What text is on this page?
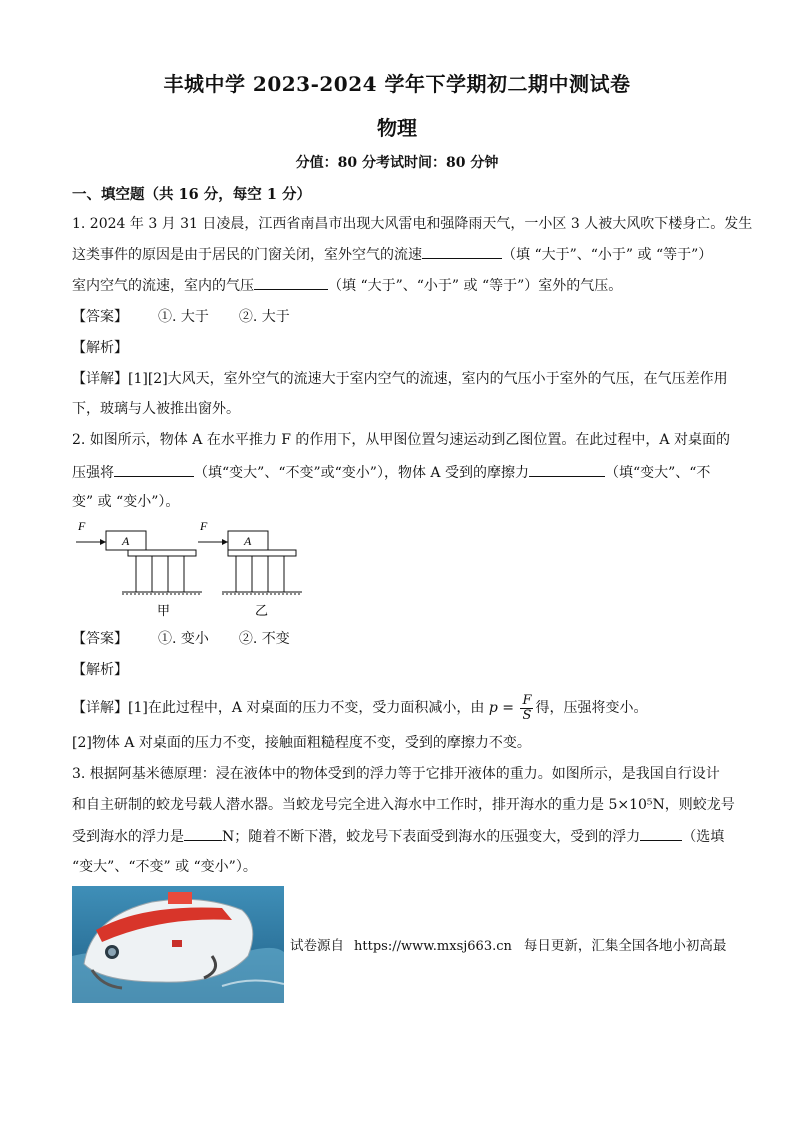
丰城中学 2023-2024 学年下学期初二期中测试卷
物理
分值：80 分考试时间：80 分钟
一、填空题（共 16 分，每空 1 分）
1. 2024 年 3 月 31 日凌晨，江西省南昌市出现大风雷电和强降雨天气，一小区 3 人被大风吹下楼身亡。发生
这类事件的原因是由于居民的门窗关闭，室外空气的流速	（填 “大于”、“小于” 或 “等于”）
室内空气的流速，室内的气压	（填 “大于”、“小于” 或 “等于”）室外的气压。
【答案】 ①. 大于 ②. 大于
【解析】
【详解】[1][2]大风天，室外空气的流速大于室内空气的流速，室内的气压小于室外的气压，在气压差作用
下，玻璃与人被推出窗外。
2. 如图所示，物体 A 在水平推力 F 的作用下，从甲图位置匀速运动到乙图位置。在此过程中，A 对桌面的
压强将	（填“变大”、“不变”或“变小”），物体 A 受到的摩擦力	（填“变大”、“不
变” 或 “变小”）。
F
A
甲
F
A
乙
【答案】 ①. 变小 ②. 不变
【解析】
【详解】[1]在此过程中，A 对桌面的压力不变，受力面积减小，由 $p = \frac{F}{S}$ 得，压强将变小。
[2]物体 A 对桌面的压力不变，接触面粗糙程度不变，受到的摩擦力不变。
3. 根据阿基米德原理：浸在液体中的物体受到的浮力等于它排开液体的重力。如图所示，是我国自行设计
和自主研制的蛟龙号载人潜水器。当蛟龙号完全进入海水中工作时，排开海水的重力是 5×10⁵N，则蛟龙号
受到海水的浮力是	N；随着不断下潜，蛟龙号下表面受到海水的压强变大，受到的浮力	（选填
“变大”、“不变” 或 “变小”）。
试卷源自 https://www.mxsj663.cn 每日更新，汇集全国各地小初高最
